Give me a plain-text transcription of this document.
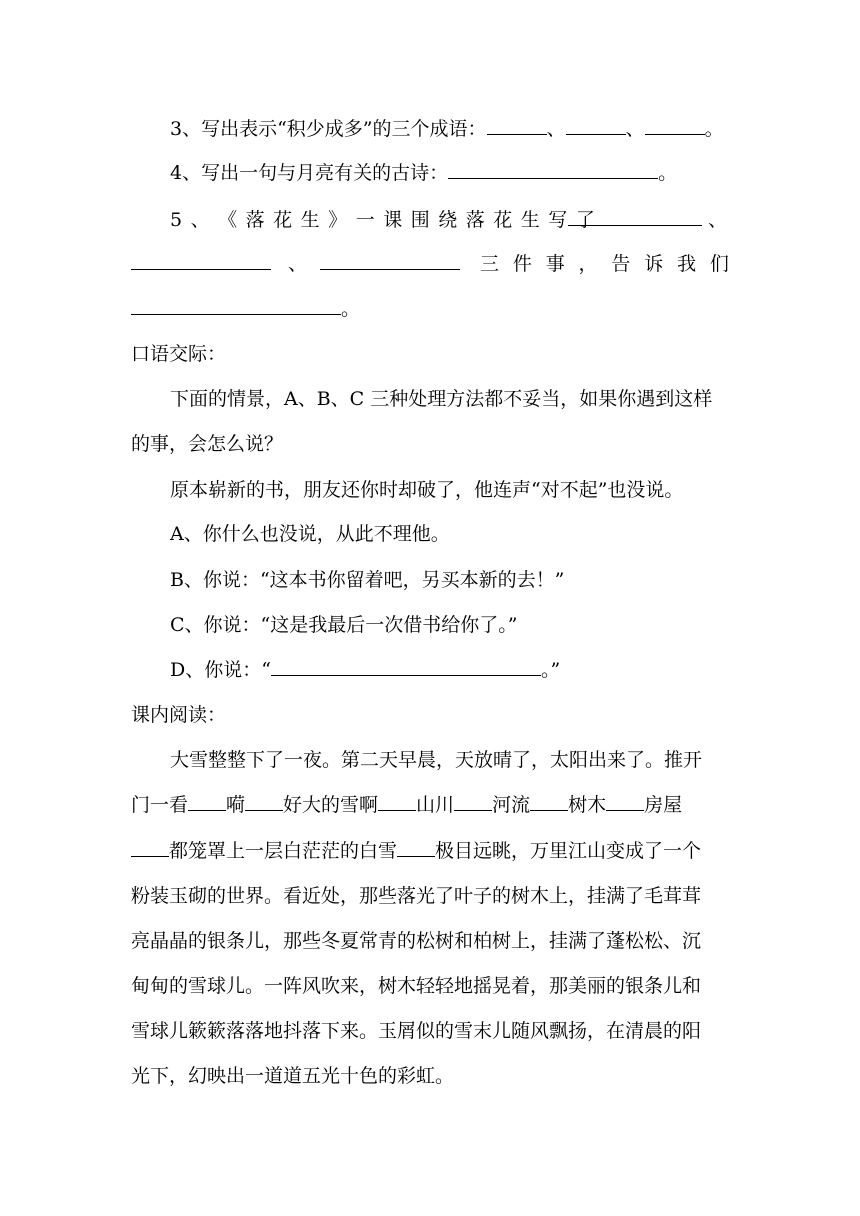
3、写出表示“积少成多”的三个成语：	、	、	。
4、写出一句与月亮有关的古诗：	。
5 、 《 落 花 生 》 一 课 围 绕 落 花 生 写 了	、
、	三 件 事 ， 告 诉 我 们
。
口语交际：
下面的情景，A、B、C 三种处理方法都不妥当，如果你遇到这样
的事，会怎么说？
原本崭新的书，朋友还你时却破了，他连声“对不起”也没说。
A、你什么也没说，从此不理他。
B、你说：“这本书你留着吧，另买本新的去！”
C、你说：“这是我最后一次借书给你了。”
D、你说：“	。”
课内阅读：
大雪整整下了一夜。第二天早晨，天放晴了，太阳出来了。推开
门一看 嗬 好大的雪啊 山川 河流 树木 房屋
都笼罩上一层白茫茫的白雪 极目远眺，万里江山变成了一个
粉装玉砌的世界。看近处，那些落光了叶子的树木上，挂满了毛茸茸
亮晶晶的银条儿，那些冬夏常青的松树和柏树上，挂满了蓬松松、沉
甸甸的雪球儿。一阵风吹来，树木轻轻地摇晃着，那美丽的银条儿和
雪球儿簌簌落落地抖落下来。玉屑似的雪末儿随风飘扬，在清晨的阳
光下，幻映出一道道五光十色的彩虹。
